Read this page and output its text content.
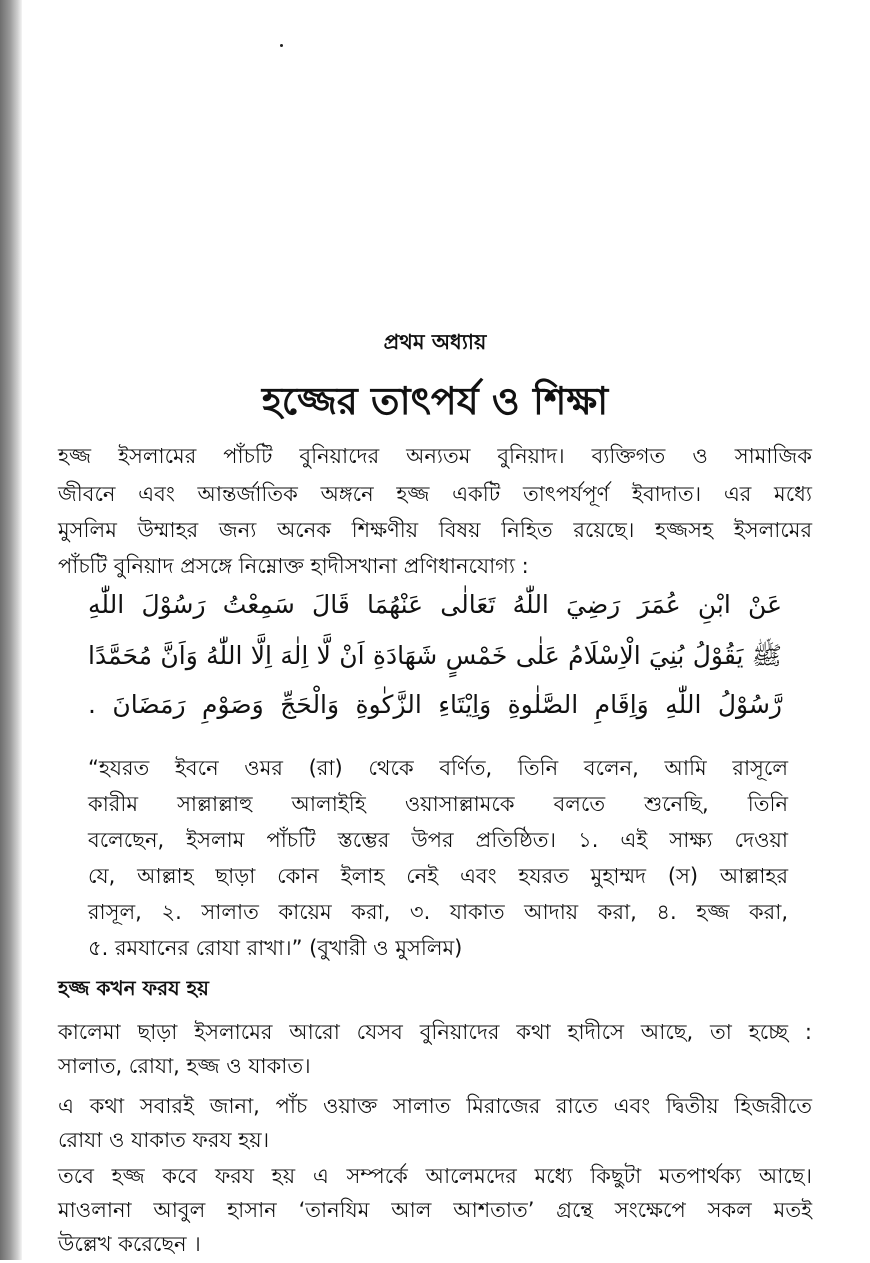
প্রথম অধ্যায়
হজ্জের তাৎপর্য ও শিক্ষা
হজ্জ ইসলামের পাঁচটি বুনিয়াদের অন্যতম বুনিয়াদ। ব্যক্তিগত ও সামাজিক
জীবনে এবং আন্তর্জাতিক অঙ্গনে হজ্জ একটি তাৎপর্যপূর্ণ ইবাদাত। এর মধ্যে
মুসলিম উম্মাহর জন্য অনেক শিক্ষণীয় বিষয় নিহিত রয়েছে। হজ্জসহ ইসলামের
পাঁচটি বুনিয়াদ প্রসঙ্গে নিম্নোক্ত হাদীসখানা প্রণিধানযোগ্য :
عَنْ ابْنِ عُمَرَ رَضِيَ اللّٰهُ تَعَالٰى عَنْهُمَا قَالَ سَمِعْتُ رَسُوْلَ اللّٰهِ
ﷺ يَقُوْلُ بُنِيَ الْاِسْلَامُ عَلٰى خَمْسٍ شَهَادَةِ اَنْ لَّا اِلٰهَ اِلَّا اللّٰهُ وَاَنَّ مُحَمَّدًا
رَّسُوْلُ اللّٰهِ وَاِقَامِ الصَّلٰوةِ وَاِيْتَاءِ الزَّكٰوةِ وَالْحَجِّ وَصَوْمِ رَمَضَانَ .
“হযরত ইবনে ওমর (রা) থেকে বর্ণিত, তিনি বলেন, আমি রাসূলে
কারীম সাল্লাল্লাহু আলাইহি ওয়াসাল্লামকে বলতে শুনেছি, তিনি
বলেছেন, ইসলাম পাঁচটি স্তম্ভের উপর প্রতিষ্ঠিত। ১. এই সাক্ষ্য দেওয়া
যে, আল্লাহ ছাড়া কোন ইলাহ নেই এবং হযরত মুহাম্মদ (স) আল্লাহর
রাসূল, ২. সালাত কায়েম করা, ৩. যাকাত আদায় করা, ৪. হজ্জ করা,
৫. রমযানের রোযা রাখা।” (বুখারী ও মুসলিম)
হজ্জ কখন ফরয হয়
কালেমা ছাড়া ইসলামের আরো যেসব বুনিয়াদের কথা হাদীসে আছে, তা হচ্ছে :
সালাত, রোযা, হজ্জ ও যাকাত।
এ কথা সবারই জানা, পাঁচ ওয়াক্ত সালাত মিরাজের রাতে এবং দ্বিতীয় হিজরীতে
রোযা ও যাকাত ফরয হয়।
তবে হজ্জ কবে ফরয হয় এ সম্পর্কে আলেমদের মধ্যে কিছুটা মতপার্থক্য আছে।
মাওলানা আবুল হাসান ‘তানযিম আল আশতাত’ গ্রন্থে সংক্ষেপে সকল মতই
উল্লেখ করেছেন ।
